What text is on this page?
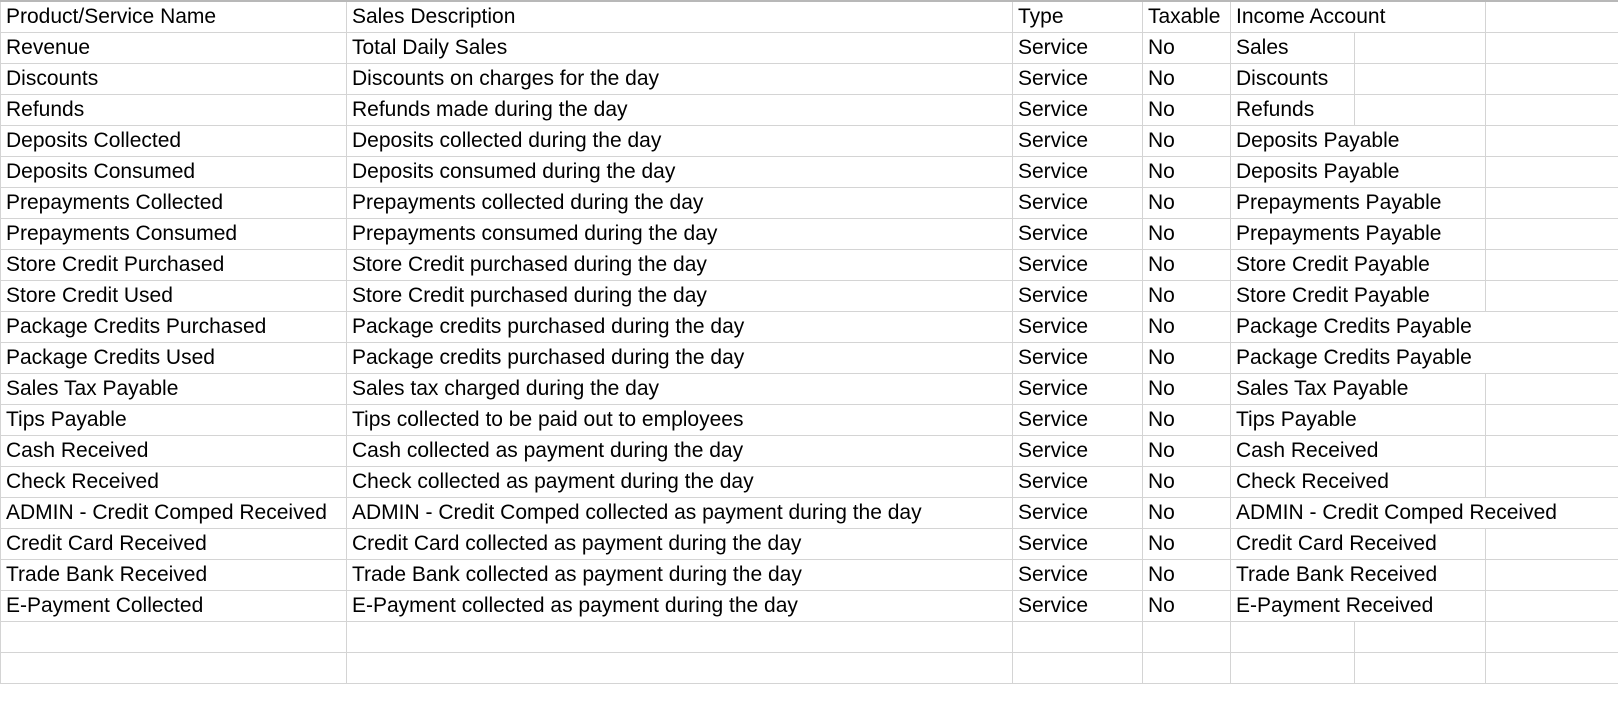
Product/Service Name	Sales Description	Type	Taxable	Income Account		
Revenue	Total Daily Sales	Service	No	Sales		
Discounts	Discounts on charges for the day	Service	No	Discounts		
Refunds	Refunds made during the day	Service	No	Refunds		
Deposits Collected	Deposits collected during the day	Service	No	Deposits Payable		
Deposits Consumed	Deposits consumed during the day	Service	No	Deposits Payable		
Prepayments Collected	Prepayments collected during the day	Service	No	Prepayments Payable		
Prepayments Consumed	Prepayments consumed during the day	Service	No	Prepayments Payable		
Store Credit Purchased	Store Credit purchased during the day	Service	No	Store Credit Payable		
Store Credit Used	Store Credit purchased during the day	Service	No	Store Credit Payable		
Package Credits Purchased	Package credits purchased during the day	Service	No	Package Credits Payable		
Package Credits Used	Package credits purchased during the day	Service	No	Package Credits Payable		
Sales Tax Payable	Sales tax charged during the day	Service	No	Sales Tax Payable		
Tips Payable	Tips collected to be paid out to employees	Service	No	Tips Payable		
Cash Received	Cash collected as payment during the day	Service	No	Cash Received		
Check Received	Check collected as payment during the day	Service	No	Check Received		
ADMIN - Credit Comped Received	ADMIN - Credit Comped collected as payment during the day	Service	No	ADMIN - Credit Comped Received		
Credit Card Received	Credit Card collected as payment during the day	Service	No	Credit Card Received		
Trade Bank Received	Trade Bank collected as payment during the day	Service	No	Trade Bank Received		
E-Payment Collected	E-Payment collected as payment during the day	Service	No	E-Payment Received		
